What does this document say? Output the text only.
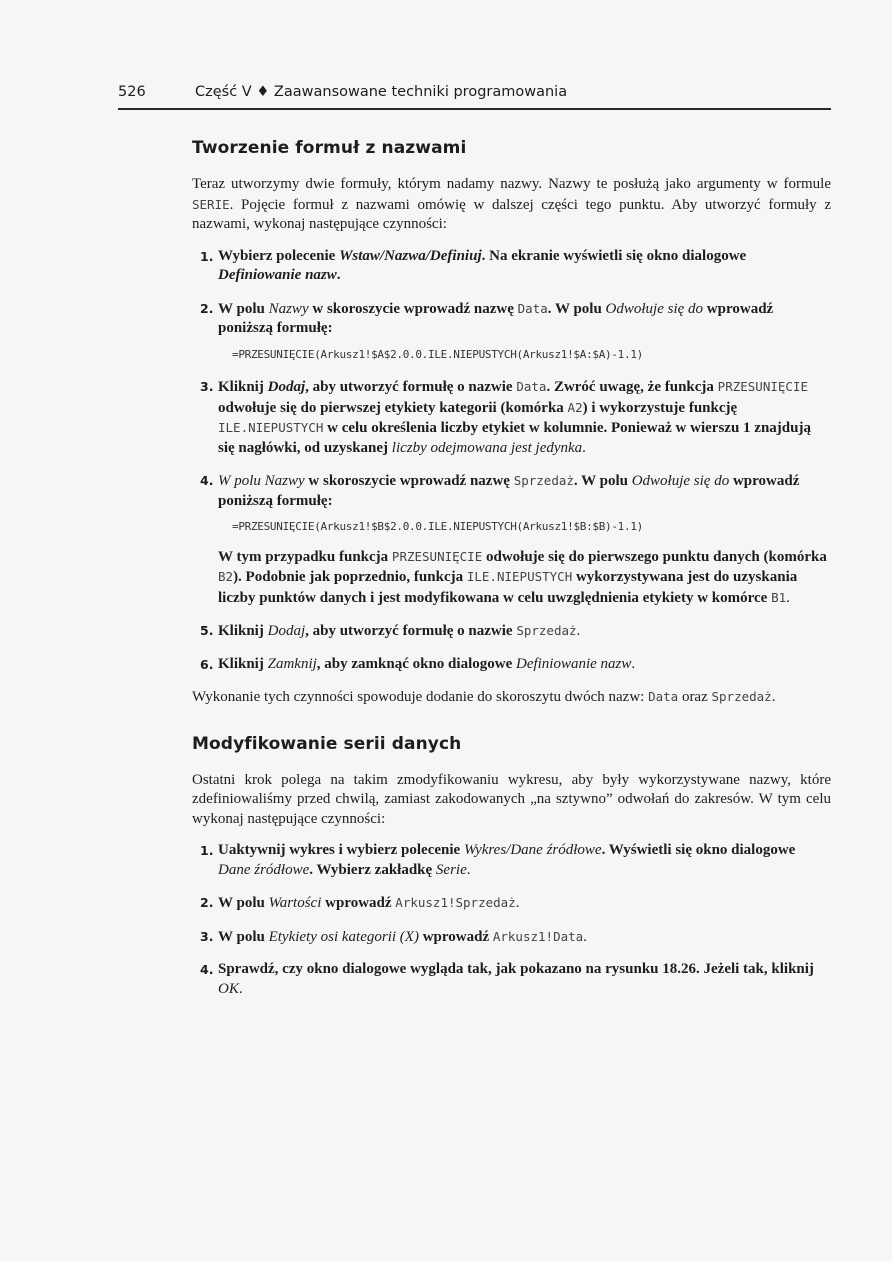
526	Część V ♦ Zaawansowane techniki programowania
Tworzenie formuł z nazwami

Teraz utworzymy dwie formuły, którym nadamy nazwy. Nazwy te posłużą jako argumenty w formule SERIE. Pojęcie formuł z nazwami omówię w dalszej części tego punktu. Aby utworzyć formuły z nazwami, wykonaj następujące czynności:

1. Wybierz polecenie Wstaw/Nazwa/Definiuj. Na ekranie wyświetli się okno dialogowe Definiowanie nazw.
2. W polu Nazwy w skoroszycie wprowadź nazwę Data. W polu Odwołuje się do wprowadź poniższą formułę:
=PRZESUNIĘCIE(Arkusz1!$A$2.0.0.ILE.NIEPUSTYCH(Arkusz1!$A:$A)-1.1)
3. Kliknij Dodaj, aby utworzyć formułę o nazwie Data. Zwróć uwagę, że funkcja PRZESUNIĘCIE odwołuje się do pierwszej etykiety kategorii (komórka A2) i wykorzystuje funkcję ILE.NIEPUSTYCH w celu określenia liczby etykiet w kolumnie. Ponieważ w wierszu 1 znajdują się nagłówki, od uzyskanej liczby odejmowana jest jedynka.
4. W polu Nazwy w skoroszycie wprowadź nazwę Sprzedaż. W polu Odwołuje się do wprowadź poniższą formułę:
=PRZESUNIĘCIE(Arkusz1!$B$2.0.0.ILE.NIEPUSTYCH(Arkusz1!$B:$B)-1.1)
W tym przypadku funkcja PRZESUNIĘCIE odwołuje się do pierwszego punktu danych (komórka B2). Podobnie jak poprzednio, funkcja ILE.NIEPUSTYCH wykorzystywana jest do uzyskania liczby punktów danych i jest modyfikowana w celu uwzględnienia etykiety w komórce B1.
5. Kliknij Dodaj, aby utworzyć formułę o nazwie Sprzedaż.
6. Kliknij Zamknij, aby zamknąć okno dialogowe Definiowanie nazw.

Wykonanie tych czynności spowoduje dodanie do skoroszytu dwóch nazw: Data oraz Sprzedaż.

Modyfikowanie serii danych

Ostatni krok polega na takim zmodyfikowaniu wykresu, aby były wykorzystywane nazwy, które zdefiniowaliśmy przed chwilą, zamiast zakodowanych „na sztywno” odwołań do zakresów. W tym celu wykonaj następujące czynności:

1. Uaktywnij wykres i wybierz polecenie Wykres/Dane źródłowe. Wyświetli się okno dialogowe Dane źródłowe. Wybierz zakładkę Serie.
2. W polu Wartości wprowadź Arkusz1!Sprzedaż.
3. W polu Etykiety osi kategorii (X) wprowadź Arkusz1!Data.
4. Sprawdź, czy okno dialogowe wygląda tak, jak pokazano na rysunku 18.26. Jeżeli tak, kliknij OK.
